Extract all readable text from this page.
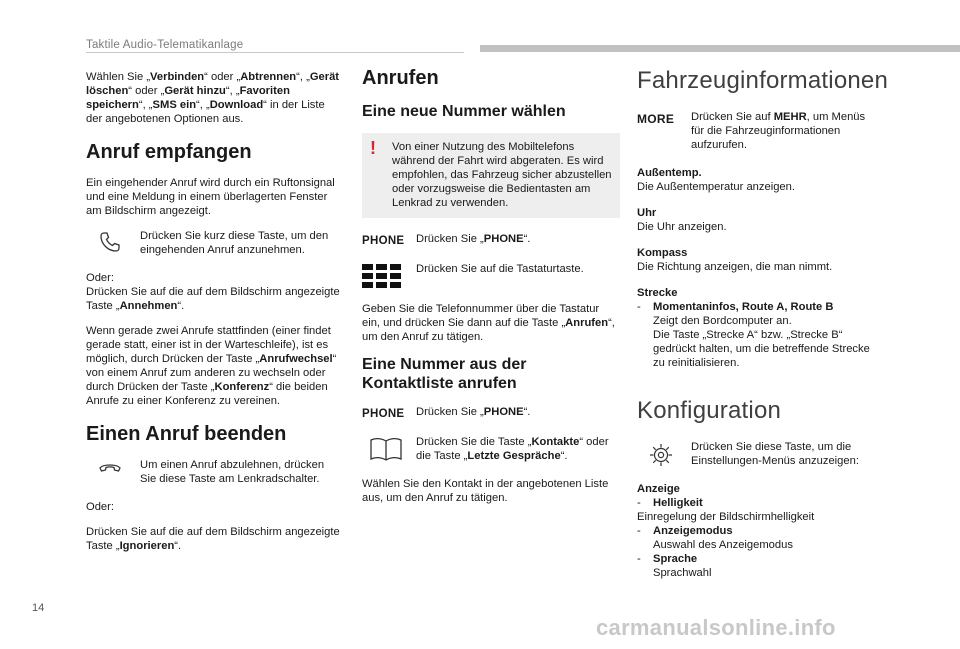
Taktile Audio-Telematikanlage

Wählen Sie „Verbinden“ oder „Abtrennen“, „Gerät löschen“ oder „Gerät hinzu“, „Favoriten speichern“, „SMS ein“, „Download“ in der Liste der angebotenen Optionen aus.

Anruf empfangen

Ein eingehender Anruf wird durch ein Ruftonsignal und eine Meldung in einem überlagerten Fenster am Bildschirm angezeigt.

Drücken Sie kurz diese Taste, um den eingehenden Anruf anzunehmen.

Oder:

Drücken Sie auf die auf dem Bildschirm angezeigte Taste „Annehmen“.

Wenn gerade zwei Anrufe stattfinden (einer findet gerade statt, einer ist in der Warteschleife), ist es möglich, durch Drücken der Taste „Anrufwechsel“ von einem Anruf zum anderen zu wechseln oder durch Drücken der Taste „Konferenz“ die beiden Anrufe zu einer Konferenz zu vereinen.

Einen Anruf beenden
Um einen Anruf abzulehnen, drücken Sie diese Taste am Lenkradschalter.

Oder:

Drücken Sie auf die auf dem Bildschirm angezeigte Taste „Ignorieren“.

Anrufen
Eine neue Nummer wählen
!	Von einer Nutzung des Mobiltelefons während der Fahrt wird abgeraten. Es wird empfohlen, das Fahrzeug sicher abzustellen oder vorzugsweise die Bedientasten am Lenkrad zu verwenden.
PHONE	Drücken Sie „PHONE“.
Drücken Sie auf die Tastaturtaste.

Geben Sie die Telefonnummer über die Tastatur ein, und drücken Sie dann auf die Taste „Anrufen“, um den Anruf zu tätigen.

Eine Nummer aus der Kontaktliste anrufen
PHONE	Drücken Sie „PHONE“.
Drücken Sie die Taste „Kontakte“ oder die Taste „Letzte Gespräche“.

Wählen Sie den Kontakt in der angebotenen Liste aus, um den Anruf zu tätigen.

Fahrzeuginformationen
MORE	Drücken Sie auf MEHR, um Menüs für die Fahrzeuginformationen aufzurufen.

Außentemp.

Die Außentemperatur anzeigen.

Uhr

Die Uhr anzeigen.

Kompass

Die Richtung anzeigen, die man nimmt.

Strecke

-	Momentaninfos, Route A, Route B
Zeigt den Bordcomputer an.
Die Taste „Strecke A“ bzw. „Strecke B“ gedrückt halten, um die betreffende Strecke zu reinitialisieren.
Konfiguration
Drücken Sie diese Taste, um die Einstellungen-Menüs anzuzeigen:

Anzeige

-	Helligkeit
Einregelung der Bildschirmhelligkeit
-	Anzeigemodus
Auswahl des Anzeigemodus
-	Sprache
Sprachwahl
14
carmanualsonline.info
